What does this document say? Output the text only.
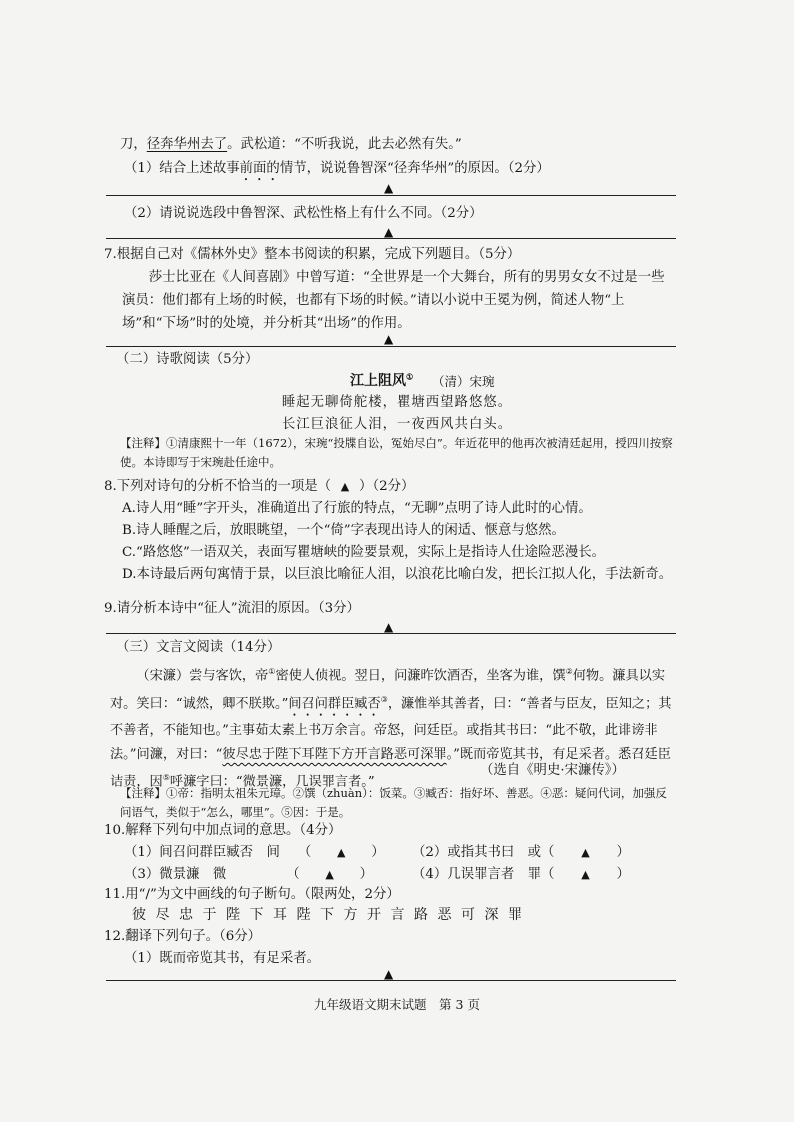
刀，径奔华州去了。武松道：“不听我说，此去必然有失。”
（1）结合上述故事前面的情节，说说鲁智深“径奔华州”的原因。（2分）
▲
（2）请说说选段中鲁智深、武松性格上有什么不同。（2分）
▲
7.根据自己对《儒林外史》整本书阅读的积累，完成下列题目。（5分）
莎士比亚在《人间喜剧》中曾写道：“全世界是一个大舞台，所有的男男女女不过是一些演员：他们都有上场的时候，也都有下场的时候。”请以小说中王冕为例，简述人物“上场”和“下场”时的处境，并分析其“出场”的作用。
▲
（二）诗歌阅读（5分）
江上阻风① （清）宋琬
睡起无聊倚舵楼，瞿塘西望路悠悠。
长江巨浪征人泪，一夜西风共白头。
【注释】①清康熙十一年（1672），宋琬“投牒自讼，冤始尽白”。年近花甲的他再次被清廷起用，授四川按察使。本诗即写于宋琬赴任途中。
8.下列对诗句的分析不恰当的一项是（ ▲ ）（2分）
A.诗人用“睡”字开头，准确道出了行旅的特点，“无聊”点明了诗人此时的心情。
B.诗人睡醒之后，放眼眺望，一个“倚”字表现出诗人的闲适、惬意与悠然。
C.“路悠悠”一语双关，表面写瞿塘峡的险要景观，实际上是指诗人仕途险恶漫长。
D.本诗最后两句寓情于景，以巨浪比喻征人泪，以浪花比喻白发，把长江拟人化，手法新奇。
9.请分析本诗中“征人”流泪的原因。（3分）
▲
（三）文言文阅读（14分）
（宋濂）尝与客饮，帝①密使人侦视。翌日，问濂昨饮酒否，坐客为谁，馔②何物。濂具以实对。笑曰：“诚然，卿不朕欺。”间召问群臣臧否③，濂惟举其善者，曰：“善者与臣友，臣知之；其不善者，不能知也。”主事茹太素上书万余言。帝怒，问廷臣。或指其书曰：“此不敬，此诽谤非法。”问濂，对曰：“彼尽忠于陛下耳陛下方开言路恶可深罪。”既而帝览其书，有足采者。悉召廷臣诘责，因⑤呼濂字曰：“微景濂，几误罪言者。”
（选自《明史·宋濂传》）
【注释】①帝：指明太祖朱元璋。②馔（zhuàn）：饭菜。③臧否：指好坏、善恶。④恶：疑问代词，加强反问语气，类似于“怎么，哪里”。⑤因：于是。
10.解释下列句中加点词的意思。（4分）
（1）间召问群臣臧否　 间 （ ▲ ） （2）或指其书曰　 或（ ▲ ）
（3）微景濂　 微	（ ▲ ）	（4）几误罪言者　 罪（ ▲ ）
11.用“/”为文中画线的句子断句。（限两处，2分）
彼尽忠于陛下耳陛下方开言路恶可深罪
12.翻译下列句子。（6分）
（1）既而帝览其书，有足采者。
▲
九年级语文期末试题　第 3 页
